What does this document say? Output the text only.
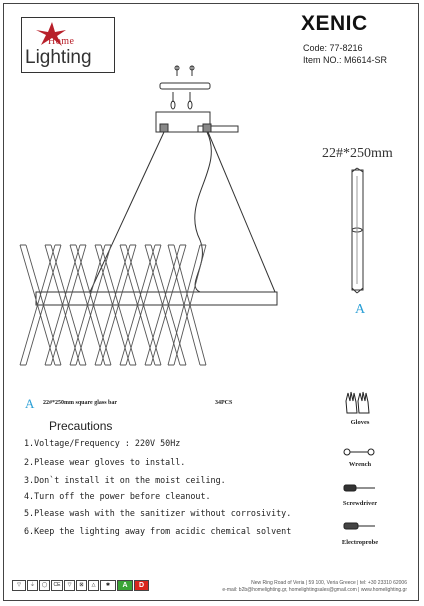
Home
Lighting
XENIC
Code: 77-8216
Item NO.: M6614-SR
22#*250mm
A
A 22#*250mm square glass bar	34PCS
Precautions
1.Voltage/Frequency : 220V 50Hz
2.Please wear gloves to install.
3.Don`t install it on the moist ceiling.
4.Turn off the power before cleanout.
5.Please wash with the sanitizer without corrosivity.
6.Keep the lighting away from acidic chemical solvent
Gloves
Wrench
Screwdriver
Electroprobe
▽	⏚	◯	CE	▽	⊠	△	✱	A	D	New Ring Road of Veria | 59 100, Veria Greece | tel: +30 23310 62006
e-mail: b2b@homelighting.gr, homelightingsales@gmail.com | www.homelighting.gr
